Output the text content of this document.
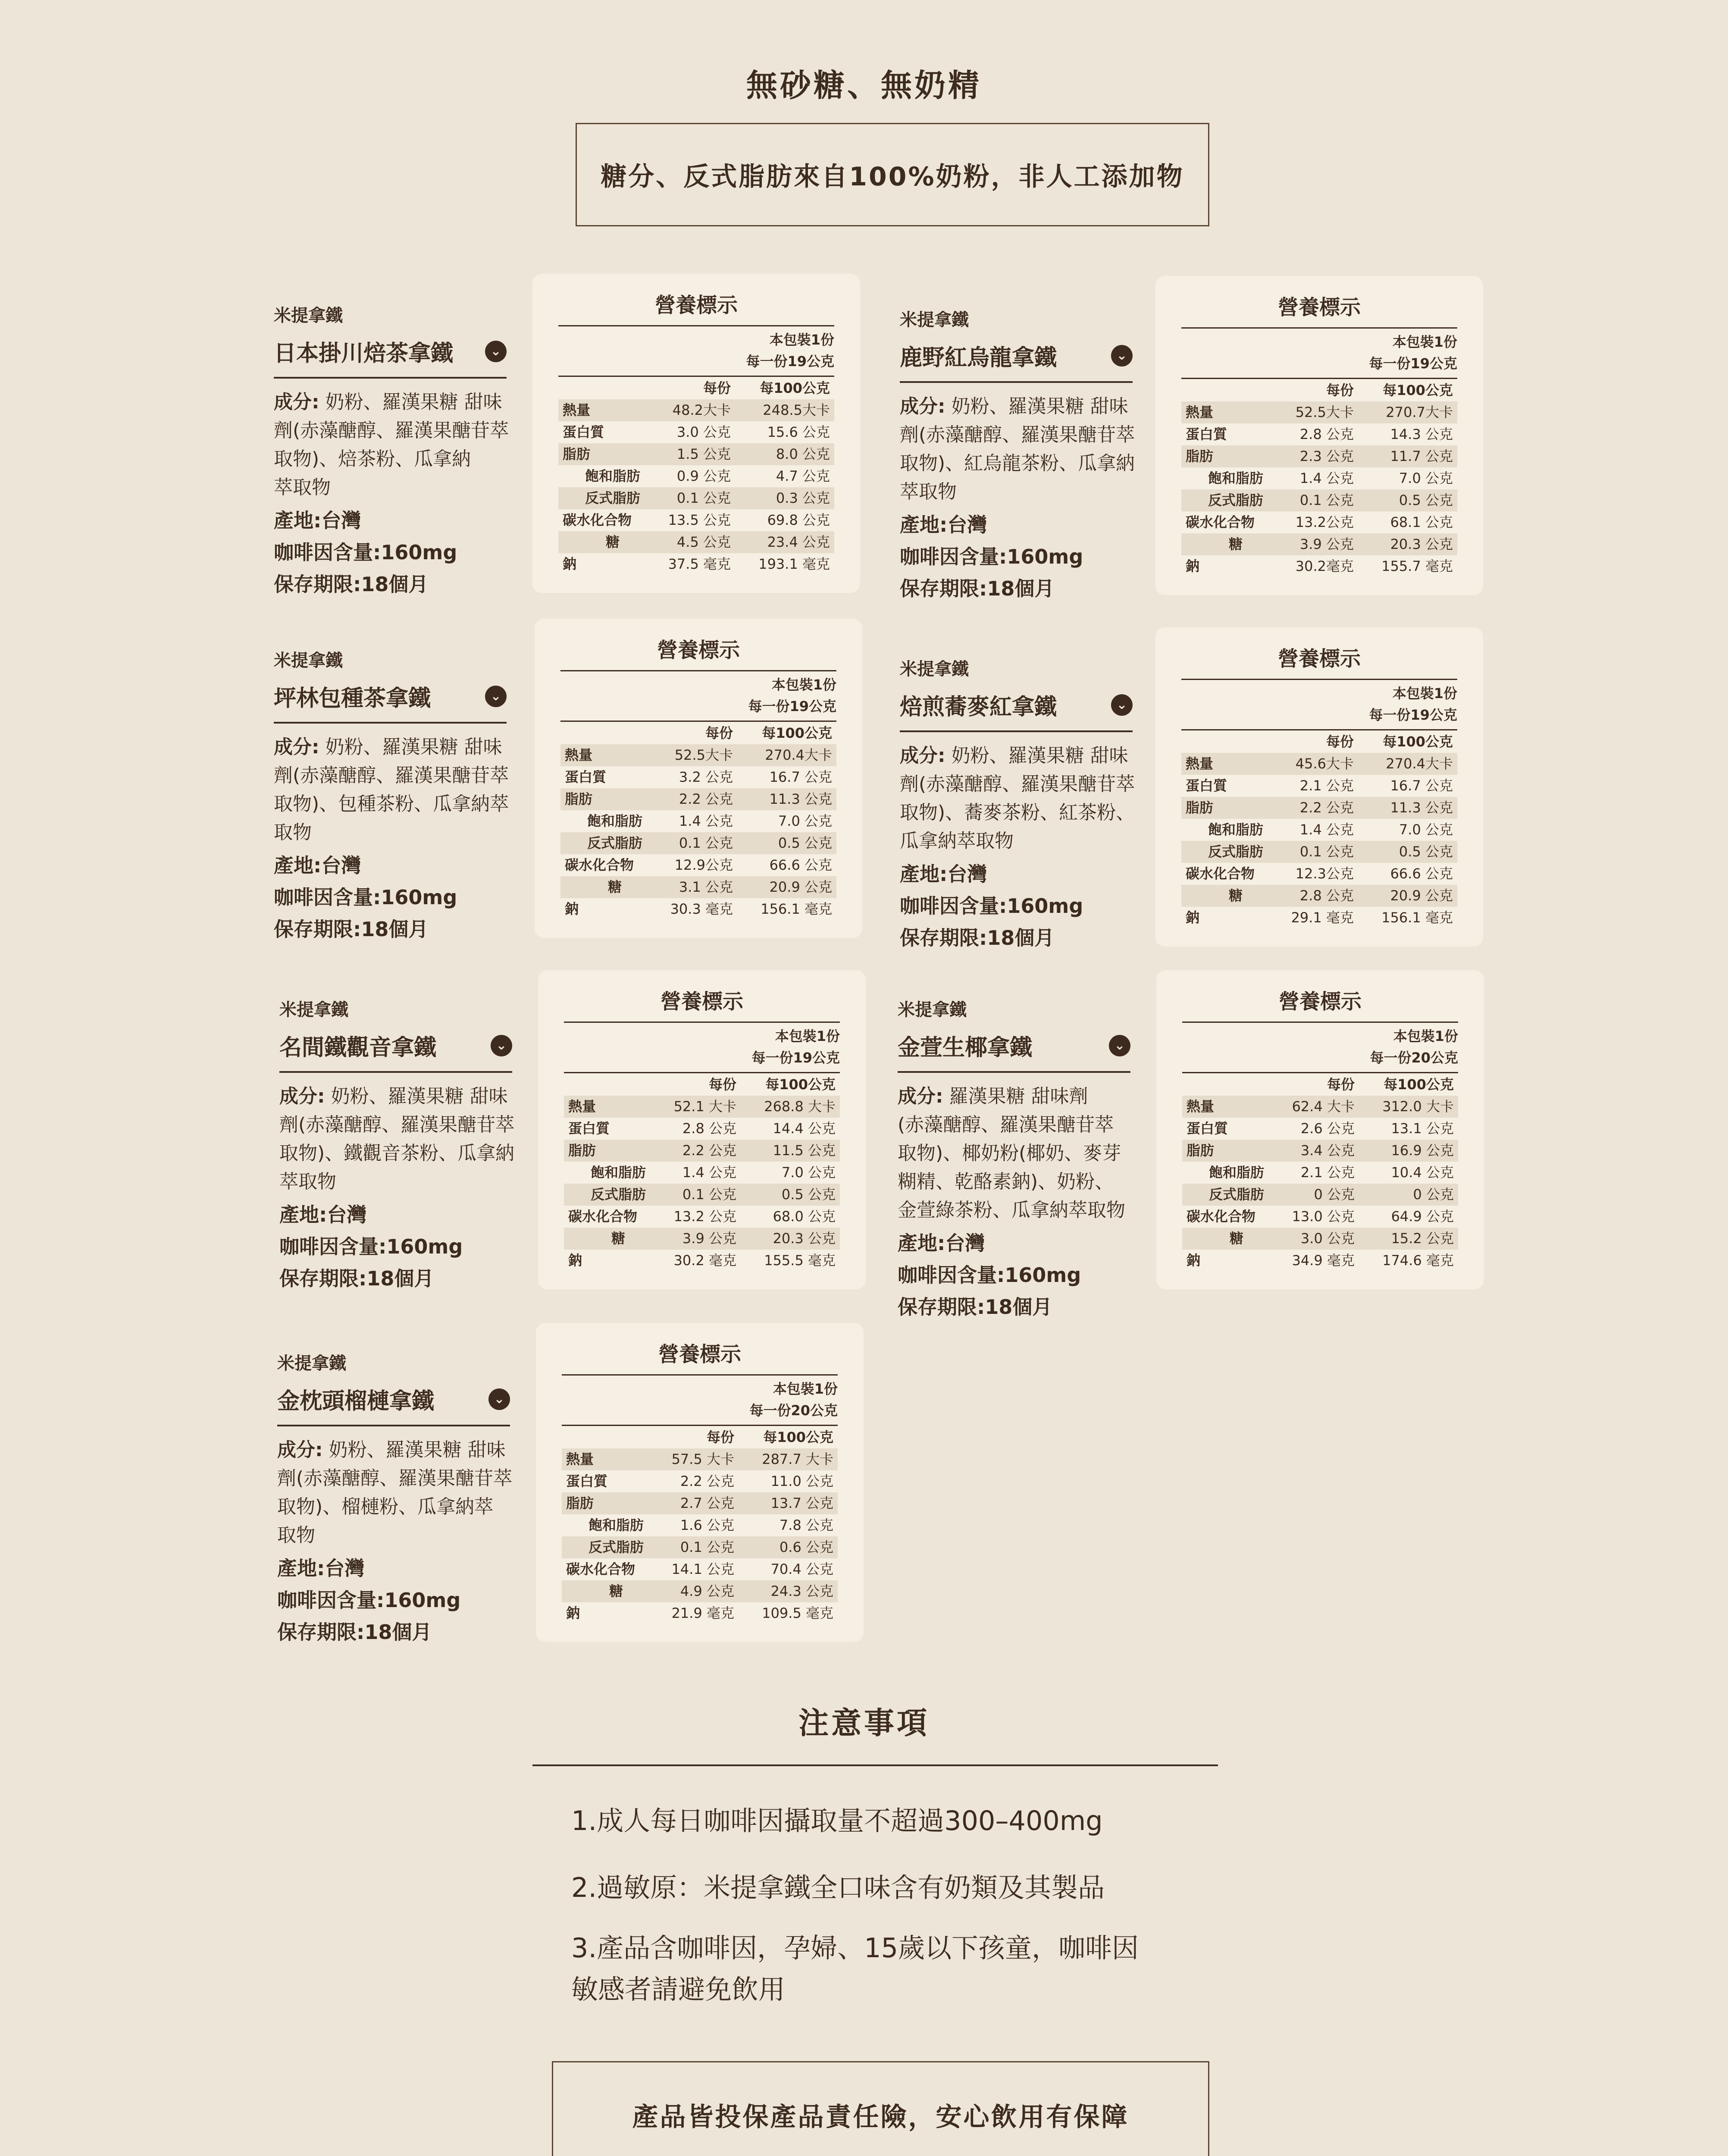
無砂糖、無奶精
糖分、反式脂肪來自100%奶粉，非人工添加物
米提拿鐵
日本掛川焙茶拿鐵	⌄
成分: 奶粉、羅漢果糖 甜味
劑(赤藻醣醇、羅漢果醣苷萃
取物)、焙茶粉、瓜拿納
萃取物
產地:台灣
咖啡因含量:160mg
保存期限:18個月
營養標示
本包裝1份
每一份19公克
每份	每100公克
熱量	48.2大卡	248.5大卡
蛋白質	3.0 公克	15.6 公克
脂肪	1.5 公克	8.0 公克
飽和脂肪	0.9 公克	4.7 公克
反式脂肪	0.1 公克	0.3 公克
碳水化合物	13.5 公克	69.8 公克
糖	4.5 公克	23.4 公克
鈉	37.5 毫克	193.1 毫克
米提拿鐵
鹿野紅烏龍拿鐵	⌄
成分: 奶粉、羅漢果糖 甜味
劑(赤藻醣醇、羅漢果醣苷萃
取物)、紅烏龍茶粉、瓜拿納
萃取物
產地:台灣
咖啡因含量:160mg
保存期限:18個月
營養標示
本包裝1份
每一份19公克
每份	每100公克
熱量	52.5大卡	270.7大卡
蛋白質	2.8 公克	14.3 公克
脂肪	2.3 公克	11.7 公克
飽和脂肪	1.4 公克	7.0 公克
反式脂肪	0.1 公克	0.5 公克
碳水化合物	13.2公克	68.1 公克
糖	3.9 公克	20.3 公克
鈉	30.2毫克	155.7 毫克
米提拿鐵
坪林包種茶拿鐵	⌄
成分: 奶粉、羅漢果糖 甜味
劑(赤藻醣醇、羅漢果醣苷萃
取物)、包種茶粉、瓜拿納萃
取物
產地:台灣
咖啡因含量:160mg
保存期限:18個月
營養標示
本包裝1份
每一份19公克
每份	每100公克
熱量	52.5大卡	270.4大卡
蛋白質	3.2 公克	16.7 公克
脂肪	2.2 公克	11.3 公克
飽和脂肪	1.4 公克	7.0 公克
反式脂肪	0.1 公克	0.5 公克
碳水化合物	12.9公克	66.6 公克
糖	3.1 公克	20.9 公克
鈉	30.3 毫克	156.1 毫克
米提拿鐵
焙煎蕎麥紅拿鐵	⌄
成分: 奶粉、羅漢果糖 甜味
劑(赤藻醣醇、羅漢果醣苷萃
取物)、蕎麥茶粉、紅茶粉、
瓜拿納萃取物
產地:台灣
咖啡因含量:160mg
保存期限:18個月
營養標示
本包裝1份
每一份19公克
每份	每100公克
熱量	45.6大卡	270.4大卡
蛋白質	2.1 公克	16.7 公克
脂肪	2.2 公克	11.3 公克
飽和脂肪	1.4 公克	7.0 公克
反式脂肪	0.1 公克	0.5 公克
碳水化合物	12.3公克	66.6 公克
糖	2.8 公克	20.9 公克
鈉	29.1 毫克	156.1 毫克
米提拿鐵
名間鐵觀音拿鐵	⌄
成分: 奶粉、羅漢果糖 甜味
劑(赤藻醣醇、羅漢果醣苷萃
取物)、鐵觀音茶粉、瓜拿納
萃取物
產地:台灣
咖啡因含量:160mg
保存期限:18個月
營養標示
本包裝1份
每一份19公克
每份	每100公克
熱量	52.1 大卡	268.8 大卡
蛋白質	2.8 公克	14.4 公克
脂肪	2.2 公克	11.5 公克
飽和脂肪	1.4 公克	7.0 公克
反式脂肪	0.1 公克	0.5 公克
碳水化合物	13.2 公克	68.0 公克
糖	3.9 公克	20.3 公克
鈉	30.2 毫克	155.5 毫克
米提拿鐵
金萱生椰拿鐵	⌄
成分: 羅漢果糖 甜味劑
(赤藻醣醇、羅漢果醣苷萃
取物)、椰奶粉(椰奶、麥芽
糊精、乾酪素鈉)、奶粉、
金萱綠茶粉、瓜拿納萃取物
產地:台灣
咖啡因含量:160mg
保存期限:18個月
營養標示
本包裝1份
每一份20公克
每份	每100公克
熱量	62.4 大卡	312.0 大卡
蛋白質	2.6 公克	13.1 公克
脂肪	3.4 公克	16.9 公克
飽和脂肪	2.1 公克	10.4 公克
反式脂肪	0 公克	0 公克
碳水化合物	13.0 公克	64.9 公克
糖	3.0 公克	15.2 公克
鈉	34.9 毫克	174.6 毫克
米提拿鐵
金枕頭榴槤拿鐵	⌄
成分: 奶粉、羅漢果糖 甜味
劑(赤藻醣醇、羅漢果醣苷萃
取物)、榴槤粉、瓜拿納萃
取物
產地:台灣
咖啡因含量:160mg
保存期限:18個月
營養標示
本包裝1份
每一份20公克
每份	每100公克
熱量	57.5 大卡	287.7 大卡
蛋白質	2.2 公克	11.0 公克
脂肪	2.7 公克	13.7 公克
飽和脂肪	1.6 公克	7.8 公克
反式脂肪	0.1 公克	0.6 公克
碳水化合物	14.1 公克	70.4 公克
糖	4.9 公克	24.3 公克
鈉	21.9 毫克	109.5 毫克
注意事項
1.成人每日咖啡因攝取量不超過300–400mg
2.過敏原：米提拿鐵全口味含有奶類及其製品
3.產品含咖啡因，孕婦、15歲以下孩童，咖啡因
敏感者請避免飲用
產品皆投保產品責任險，安心飲用有保障
